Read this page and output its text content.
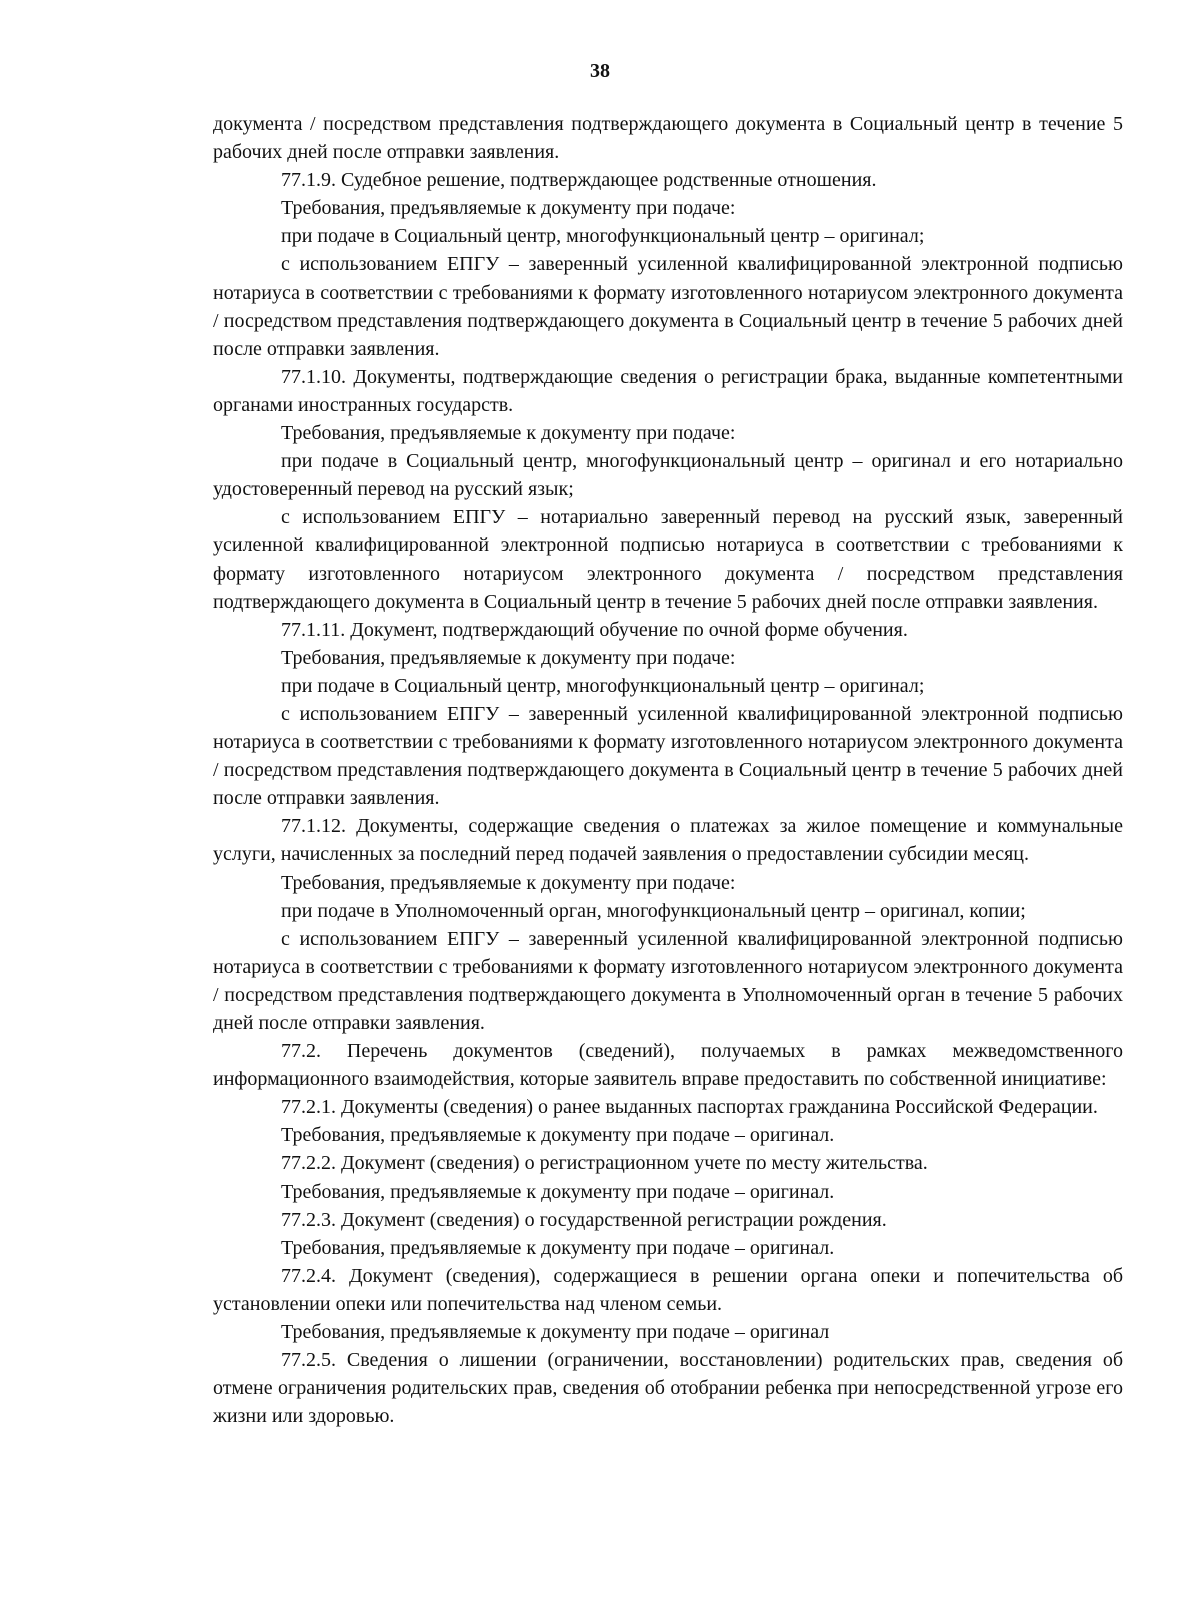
38

документа / посредством представления подтверждающего документа в Социальный центр в течение 5 рабочих дней после отправки заявления.

77.1.9. Судебное решение, подтверждающее родственные отношения.

Требования, предъявляемые к документу при подаче:

при подаче в Социальный центр, многофункциональный центр – оригинал;

с использованием ЕПГУ – заверенный усиленной квалифицированной электронной подписью нотариуса в соответствии с требованиями к формату изготовленного нотариусом электронного документа / посредством представления подтверждающего документа в Социальный центр в течение 5 рабочих дней после отправки заявления.

77.1.10. Документы, подтверждающие сведения о регистрации брака, выданные компетентными органами иностранных государств.

Требования, предъявляемые к документу при подаче:

при подаче в Социальный центр, многофункциональный центр – оригинал и его нотариально удостоверенный перевод на русский язык;

с использованием ЕПГУ – нотариально заверенный перевод на русский язык, заверенный усиленной квалифицированной электронной подписью нотариуса в соответствии с требованиями к формату изготовленного нотариусом электронного документа / посредством представления подтверждающего документа в Социальный центр в течение 5 рабочих дней после отправки заявления.

77.1.11. Документ, подтверждающий обучение по очной форме обучения.

Требования, предъявляемые к документу при подаче:

при подаче в Социальный центр, многофункциональный центр – оригинал;

с использованием ЕПГУ – заверенный усиленной квалифицированной электронной подписью нотариуса в соответствии с требованиями к формату изготовленного нотариусом электронного документа / посредством представления подтверждающего документа в Социальный центр в течение 5 рабочих дней после отправки заявления.

77.1.12. Документы, содержащие сведения о платежах за жилое помещение и коммунальные услуги, начисленных за последний перед подачей заявления о предоставлении субсидии месяц.

Требования, предъявляемые к документу при подаче:

при подаче в Уполномоченный орган, многофункциональный центр – оригинал, копии;

с использованием ЕПГУ – заверенный усиленной квалифицированной электронной подписью нотариуса в соответствии с требованиями к формату изготовленного нотариусом электронного документа / посредством представления подтверждающего документа в Уполномоченный орган в течение 5 рабочих дней после отправки заявления.

77.2. Перечень документов (сведений), получаемых в рамках межведомственного информационного взаимодействия, которые заявитель вправе предоставить по собственной инициативе:

77.2.1. Документы (сведения) о ранее выданных паспортах гражданина Российской Федерации.

Требования, предъявляемые к документу при подаче – оригинал.

77.2.2. Документ (сведения) о регистрационном учете по месту жительства.

Требования, предъявляемые к документу при подаче – оригинал.

77.2.3. Документ (сведения) о государственной регистрации рождения.

Требования, предъявляемые к документу при подаче – оригинал.

77.2.4. Документ (сведения), содержащиеся в решении органа опеки и попечительства об установлении опеки или попечительства над членом семьи.

Требования, предъявляемые к документу при подаче – оригинал

77.2.5. Сведения о лишении (ограничении, восстановлении) родительских прав, сведения об отмене ограничения родительских прав, сведения об отобрании ребенка при непосредственной угрозе его жизни или здоровью.
